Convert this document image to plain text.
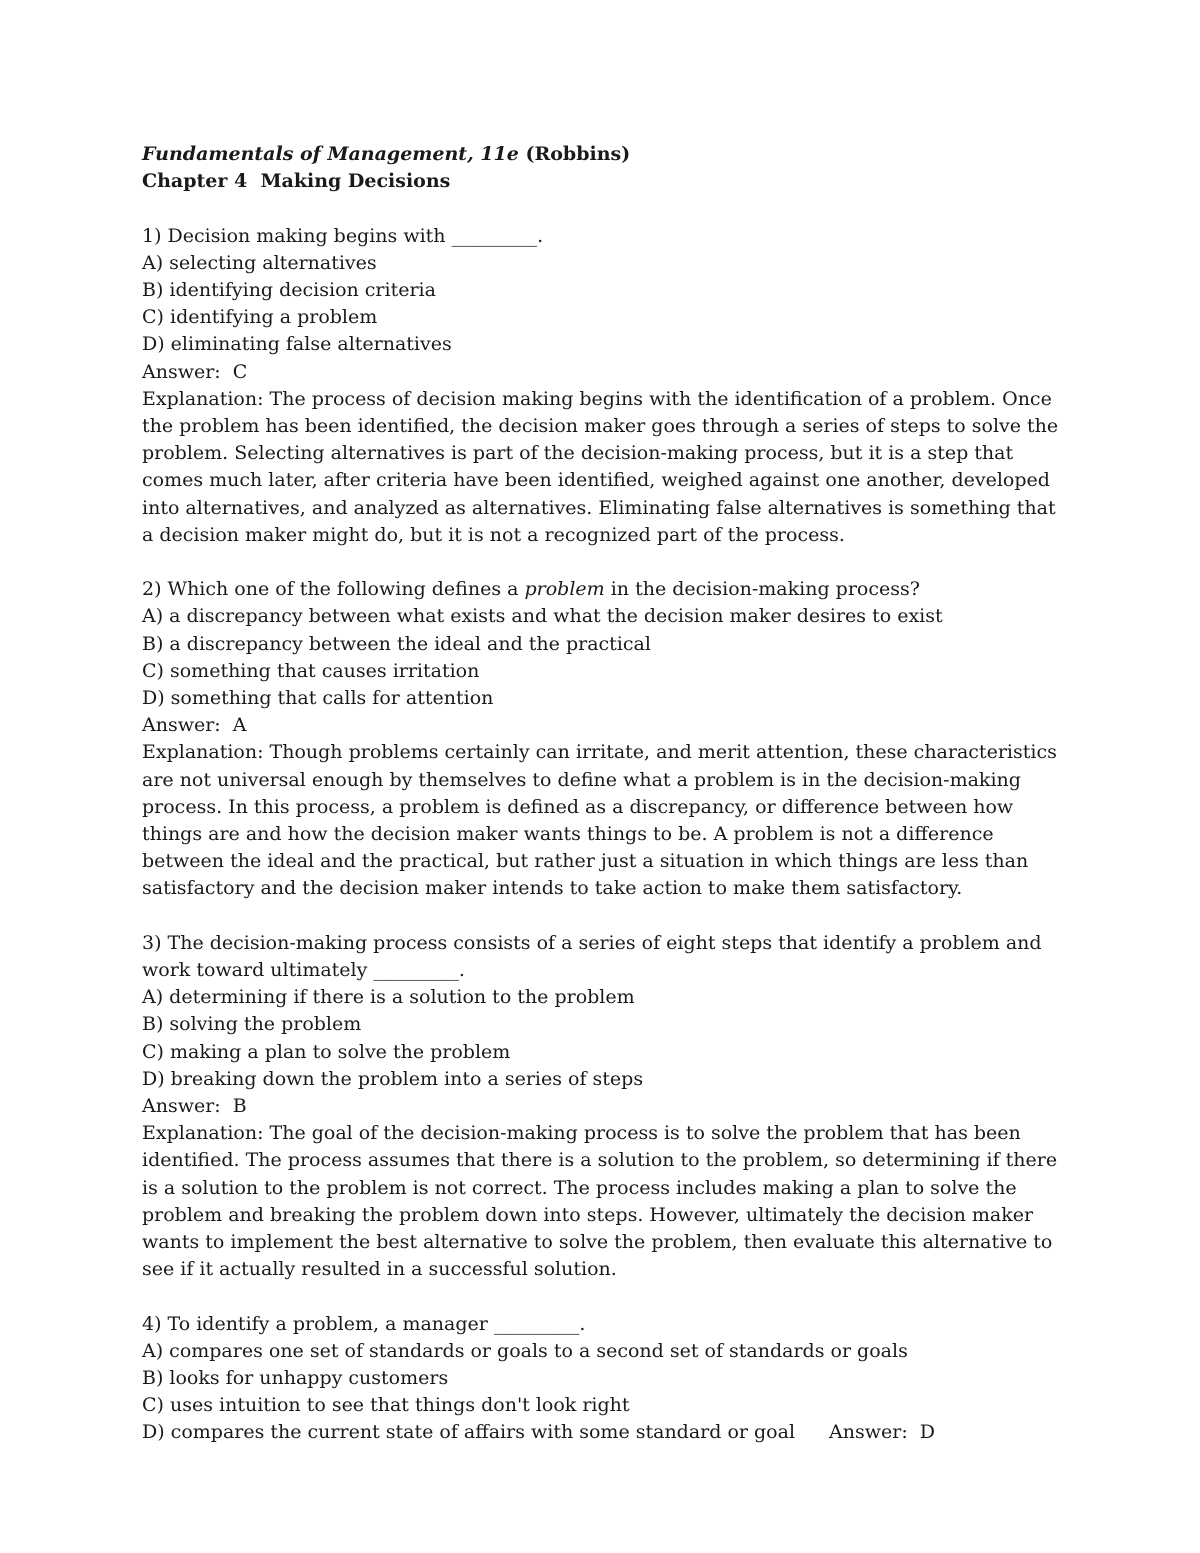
Fundamentals of Management, 11e (Robbins)
Chapter 4  Making Decisions
1) Decision making begins with _________.
A) selecting alternatives
B) identifying decision criteria
C) identifying a problem
D) eliminating false alternatives
Answer:  C
Explanation: The process of decision making begins with the identification of a problem. Once the problem has been identified, the decision maker goes through a series of steps to solve the problem. Selecting alternatives is part of the decision-making process, but it is a step that comes much later, after criteria have been identified, weighed against one another, developed into alternatives, and analyzed as alternatives. Eliminating false alternatives is something that a decision maker might do, but it is not a recognized part of the process.
2) Which one of the following defines a problem in the decision-making process?
A) a discrepancy between what exists and what the decision maker desires to exist
B) a discrepancy between the ideal and the practical
C) something that causes irritation
D) something that calls for attention
Answer:  A
Explanation: Though problems certainly can irritate, and merit attention, these characteristics are not universal enough by themselves to define what a problem is in the decision-making process. In this process, a problem is defined as a discrepancy, or difference between how things are and how the decision maker wants things to be. A problem is not a difference between the ideal and the practical, but rather just a situation in which things are less than satisfactory and the decision maker intends to take action to make them satisfactory.
3) The decision-making process consists of a series of eight steps that identify a problem and work toward ultimately _________.
A) determining if there is a solution to the problem
B) solving the problem
C) making a plan to solve the problem
D) breaking down the problem into a series of steps
Answer:  B
Explanation: The goal of the decision-making process is to solve the problem that has been identified. The process assumes that there is a solution to the problem, so determining if there is a solution to the problem is not correct. The process includes making a plan to solve the problem and breaking the problem down into steps. However, ultimately the decision maker wants to implement the best alternative to solve the problem, then evaluate this alternative to see if it actually resulted in a successful solution.
4) To identify a problem, a manager _________.
A) compares one set of standards or goals to a second set of standards or goals
B) looks for unhappy customers
C) uses intuition to see that things don't look right
D) compares the current state of affairs with some standard or goal Answer:  D
